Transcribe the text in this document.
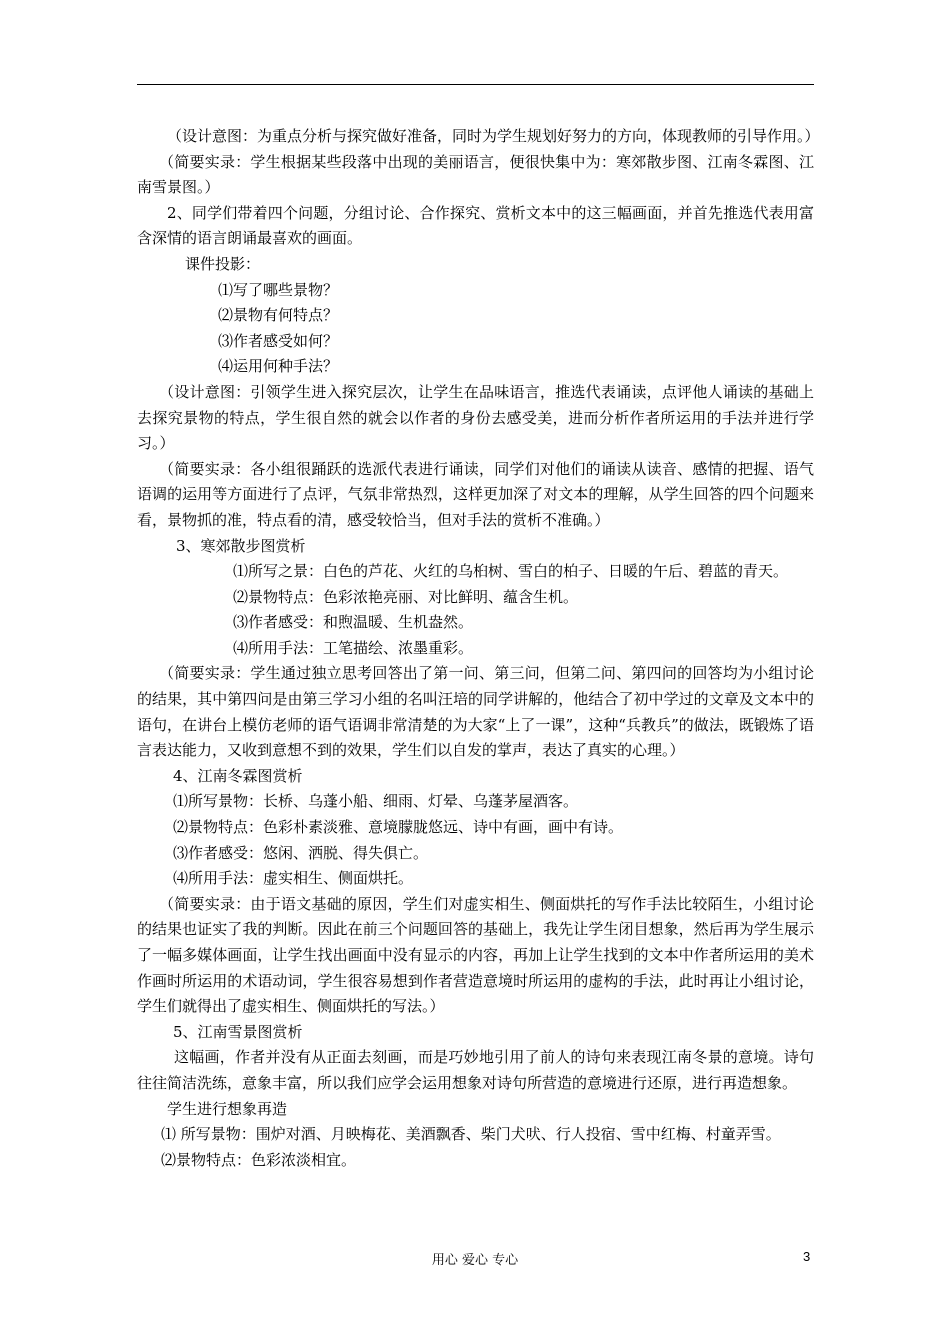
（设计意图：为重点分析与探究做好准备，同时为学生规划好努力的方向，体现教师的引导作用。）

（简要实录：学生根据某些段落中出现的美丽语言，便很快集中为：寒郊散步图、江南冬霖图、江南雪景图。）

2、同学们带着四个问题，分组讨论、合作探究、赏析文本中的这三幅画面，并首先推选代表用富含深情的语言朗诵最喜欢的画面。

课件投影：

⑴写了哪些景物？

⑵景物有何特点？

⑶作者感受如何？

⑷运用何种手法？

（设计意图：引领学生进入探究层次，让学生在品味语言，推选代表诵读，点评他人诵读的基础上去探究景物的特点，学生很自然的就会以作者的身份去感受美，进而分析作者所运用的手法并进行学习。）

（简要实录：各小组很踊跃的选派代表进行诵读，同学们对他们的诵读从读音、感情的把握、语气语调的运用等方面进行了点评，气氛非常热烈，这样更加深了对文本的理解，从学生回答的四个问题来看，景物抓的准，特点看的清，感受较恰当，但对手法的赏析不准确。）

3、寒郊散步图赏析

⑴所写之景：白色的芦花、火红的乌桕树、雪白的柏子、日暖的午后、碧蓝的青天。

⑵景物特点：色彩浓艳亮丽、对比鲜明、蕴含生机。

⑶作者感受：和煦温暖、生机盎然。

⑷所用手法：工笔描绘、浓墨重彩。

（简要实录：学生通过独立思考回答出了第一问、第三问，但第二问、第四问的回答均为小组讨论的结果，其中第四问是由第三学习小组的名叫汪培的同学讲解的，他结合了初中学过的文章及文本中的语句，在讲台上模仿老师的语气语调非常清楚的为大家“上了一课”，这种“兵教兵”的做法，既锻炼了语言表达能力，又收到意想不到的效果，学生们以自发的掌声，表达了真实的心理。）

4、江南冬霖图赏析

⑴所写景物：长桥、乌蓬小船、细雨、灯晕、乌蓬茅屋酒客。

⑵景物特点：色彩朴素淡雅、意境朦胧悠远、诗中有画，画中有诗。

⑶作者感受：悠闲、洒脱、得失俱亡。

⑷所用手法：虚实相生、侧面烘托。

（简要实录：由于语文基础的原因，学生们对虚实相生、侧面烘托的写作手法比较陌生，小组讨论的结果也证实了我的判断。因此在前三个问题回答的基础上，我先让学生闭目想象，然后再为学生展示了一幅多媒体画面，让学生找出画面中没有显示的内容，再加上让学生找到的文本中作者所运用的美术作画时所运用的术语动词，学生很容易想到作者营造意境时所运用的虚构的手法，此时再让小组讨论，学生们就得出了虚实相生、侧面烘托的写法。）

5、江南雪景图赏析

这幅画，作者并没有从正面去刻画，而是巧妙地引用了前人的诗句来表现江南冬景的意境。诗句往往简洁洗练，意象丰富，所以我们应学会运用想象对诗句所营造的意境进行还原，进行再造想象。

学生进行想象再造

⑴ 所写景物：围炉对酒、月映梅花、美酒飘香、柴门犬吠、行人投宿、雪中红梅、村童弄雪。

⑵景物特点：色彩浓淡相宜。

用心 爱心 专心	3
